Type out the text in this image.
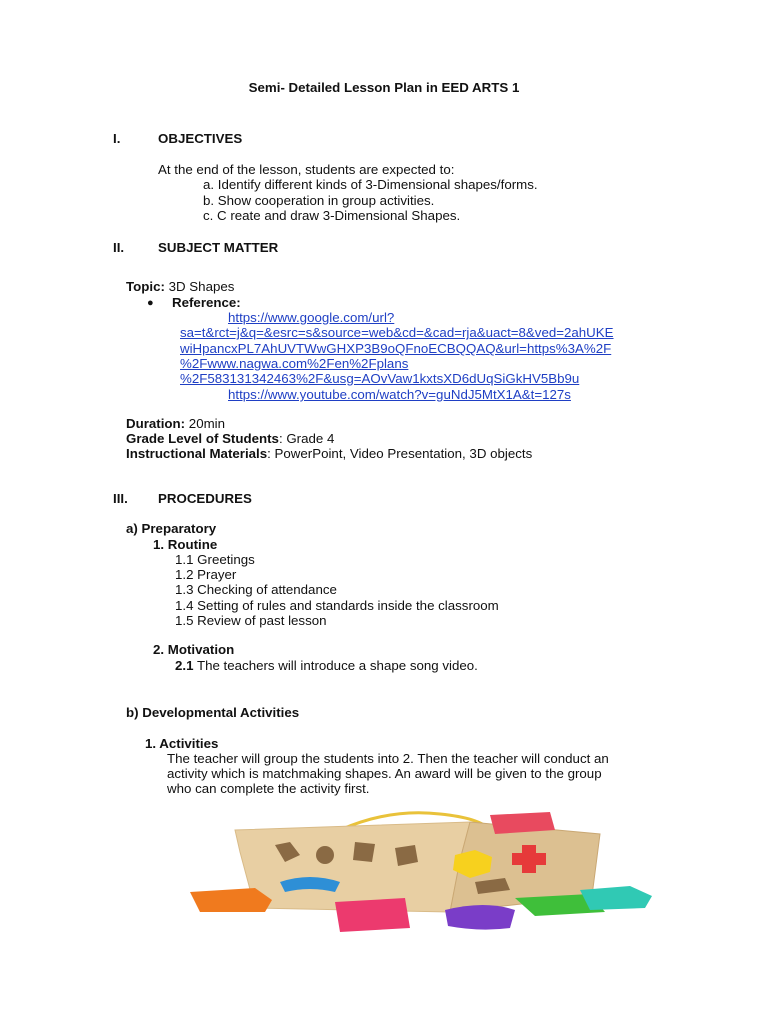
Semi- Detailed Lesson Plan in EED ARTS 1
I.	OBJECTIVES
At the end of the lesson, students are expected to:
a. Identify different kinds of 3-Dimensional shapes/forms.
b. Show cooperation in group activities.
c. C reate and draw 3-Dimensional Shapes.
II.	SUBJECT MATTER
Topic: 3D Shapes
● Reference:
https://www.google.com/url?
sa=t&rct=j&q=&esrc=s&source=web&cd=&cad=rja&uact=8&ved=2ahUKE
wiHpancxPL7AhUVTWwGHXP3B9oQFnoECBQQAQ&url=https%3A%2F
%2Fwww.nagwa.com%2Fen%2Fplans
%2F583131342463%2F&usg=AOvVaw1kxtsXD6dUqSiGkHV5Bb9u
https://www.youtube.com/watch?v=guNdJ5MtX1A&t=127s
Duration: 20min
Grade Level of Students: Grade 4
Instructional Materials: PowerPoint, Video Presentation, 3D objects
III. PROCEDURES
a) Preparatory
1. Routine
1.1 Greetings
1.2 Prayer
1.3 Checking of attendance
1.4 Setting of rules and standards inside the classroom
1.5 Review of past lesson
2. Motivation
2.1 The teachers will introduce a shape song video.
b) Developmental Activities
1. Activities
The teacher will group the students into 2. Then the teacher will conduct an
activity which is matchmaking shapes. An award will be given to the group
who can complete the activity first.
